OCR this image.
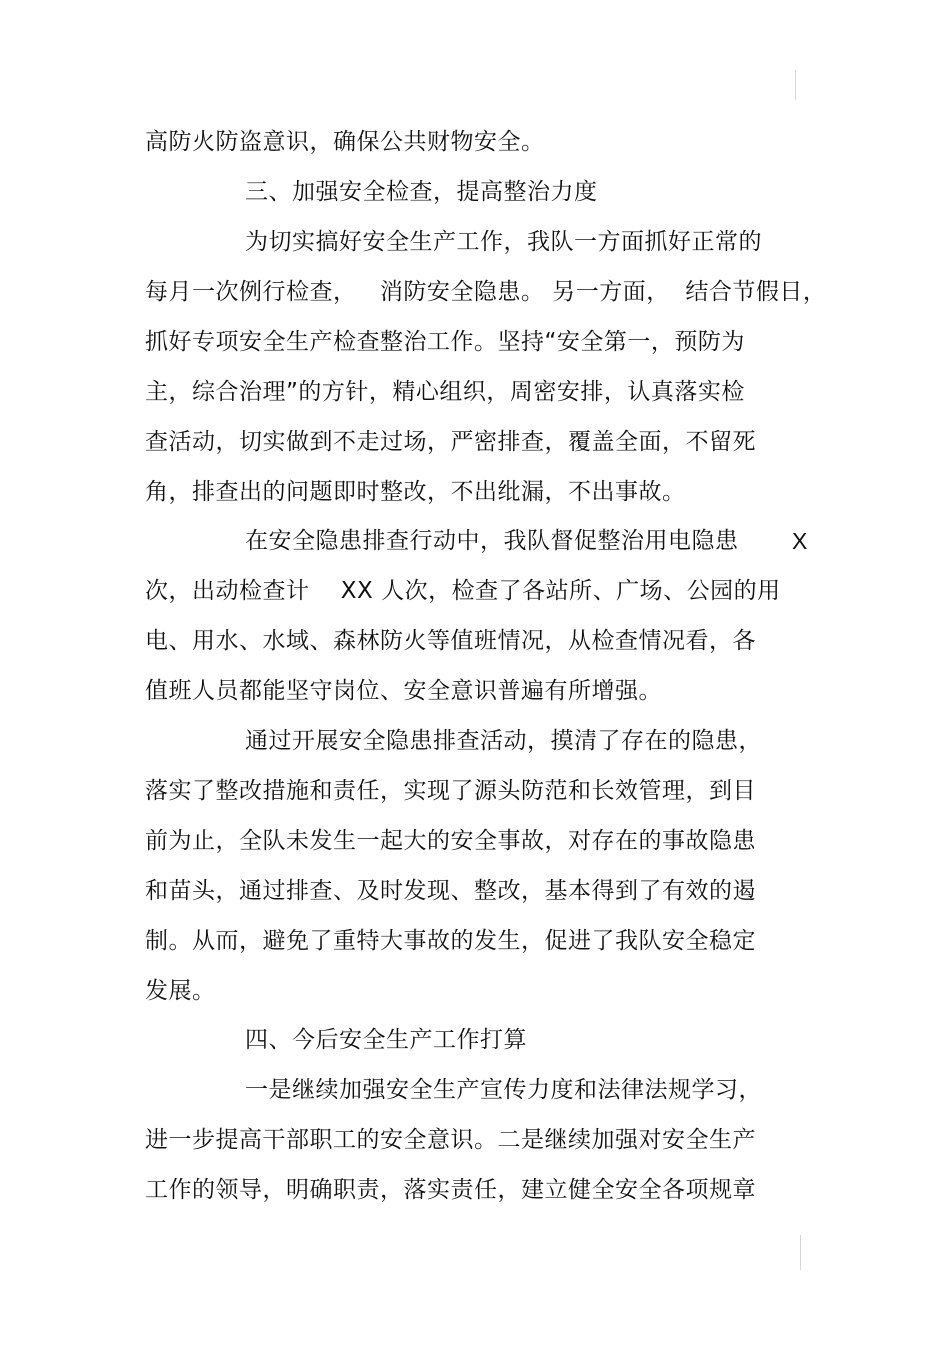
高防火防盗意识，确保公共财物安全。
三、加强安全检查，提高整治力度
为切实搞好安全生产工作，我队一方面抓好正常的
每月一次例行检查，   消防安全隐患。 另一方面，  结合节假日，
抓好专项安全生产检查整治工作。坚持“安全第一，预防为
主，综合治理”的方针，精心组织，周密安排，认真落实检
查活动，切实做到不走过场，严密排查，覆盖全面，不留死
角，排查出的问题即时整改，不出纰漏，不出事故。
在安全隐患排查行动中，我队督促整治用电隐患 X
次，出动检查计    XX 人次，检查了各站所、广场、公园的用
电、用水、水域、森林防火等值班情况，从检查情况看，各
值班人员都能坚守岗位、安全意识普遍有所增强。
通过开展安全隐患排查活动，摸清了存在的隐患，
落实了整改措施和责任，实现了源头防范和长效管理，到目
前为止，全队未发生一起大的安全事故，对存在的事故隐患
和苗头，通过排查、及时发现、整改，基本得到了有效的遏
制。从而，避免了重特大事故的发生，促进了我队安全稳定
发展。
四、今后安全生产工作打算
一是继续加强安全生产宣传力度和法律法规学习，
进一步提高干部职工的安全意识。二是继续加强对安全生产
工作的领导，明确职责，落实责任，建立健全安全各项规章
